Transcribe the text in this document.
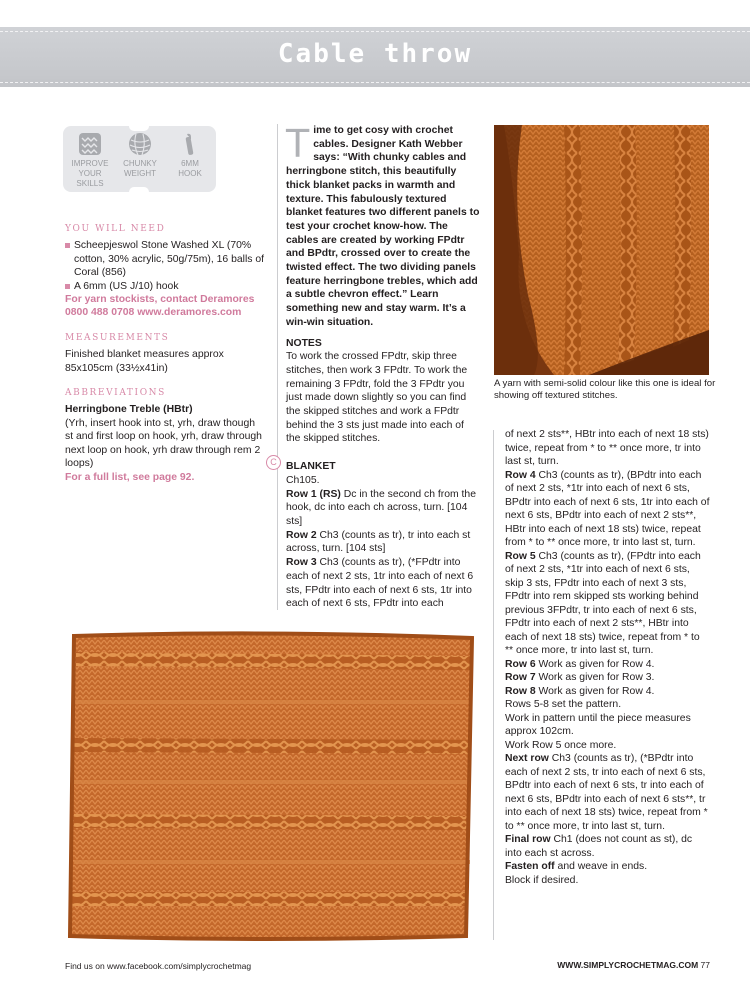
Cable throw
IMPROVE
YOUR SKILLS
CHUNKY
WEIGHT
6MM
HOOK
YOU WILL NEED
Scheepjeswol Stone Washed XL (70% cotton, 30% acrylic, 50g/75m), 16 balls of Coral (856)
A 6mm (US J/10) hook
For yarn stockists, contact Deramores 0800 488 0708 www.deramores.com
MEASUREMENTS
Finished blanket measures approx 85x105cm (33½x41in)
ABBREVIATIONS
Herringbone Treble (HBtr)
(Yrh, insert hook into st, yrh, draw though st and first loop on hook, yrh, draw through next loop on hook, yrh draw through rem 2 loops)
For a full list, see page 92.

Time to get cosy with crochet cables. Designer Kath Webber says: “With chunky cables and herringbone stitch, this beautifully thick blanket packs in warmth and texture. This fabulously textured blanket features two different panels to test your crochet know-how. The cables are created by working FPdtr and BPdtr, crossed over to create the twisted effect. The two dividing panels feature herringbone trebles, which add a subtle chevron effect.” Learn something new and stay warm. It’s a win-win situation.

NOTES
To work the crossed FPdtr, skip three stitches, then work 3 FPdtr. To work the remaining 3 FPdtr, fold the 3 FPdtr you just made down slightly so you can find the skipped stitches and work a FPdtr behind the 3 sts just made into each of the skipped stitches.
BLANKET
Ch105.
Row 1 (RS) Dc in the second ch from the hook, dc into each ch across, turn. [104 sts]
Row 2 Ch3 (counts as tr), tr into each st across, turn. [104 sts]
Row 3 Ch3 (counts as tr), (*FPdtr into each of next 2 sts, 1tr into each of next 6 sts, FPdtr into each of next 6 sts, 1tr into each of next 6 sts, FPdtr into each
C
A yarn with semi-solid colour like this one is ideal for showing off textured stitches.
of next 2 sts**, HBtr into each of next 18 sts) twice, repeat from * to ** once more, tr into last st, turn.
Row 4 Ch3 (counts as tr), (BPdtr into each of next 2 sts, *1tr into each of next 6 sts, BPdtr into each of next 6 sts, 1tr into each of next 6 sts, BPdtr into each of next 2 sts**, HBtr into each of next 18 sts) twice, repeat from * to ** once more, tr into last st, turn.
Row 5 Ch3 (counts as tr), (FPdtr into each of next 2 sts, *1tr into each of next 6 sts, skip 3 sts, FPdtr into each of next 3 sts, FPdtr into rem skipped sts working behind previous 3FPdtr, tr into each of next 6 sts, FPdtr into each of next 2 sts**, HBtr into each of next 18 sts) twice, repeat from * to ** once more, tr into last st, turn.
Row 6 Work as given for Row 4.
Row 7 Work as given for Row 3.
Row 8 Work as given for Row 4.
Rows 5-8 set the pattern.
Work in pattern until the piece measures approx 102cm.
Work Row 5 once more.
Next row Ch3 (counts as tr), (*BPdtr into each of next 2 sts, tr into each of next 6 sts, BPdtr into each of next 6 sts, tr into each of next 6 sts, BPdtr into each of next 6 sts**, tr into each of next 18 sts) twice, repeat from * to ** once more, tr into last st, turn.
Final row Ch1 (does not count as st), dc into each st across.
Fasten off and weave in ends.
Block if desired.
Find us on www.facebook.com/simplycrochetmag	WWW.SIMPLYCROCHETMAG.COM 77
